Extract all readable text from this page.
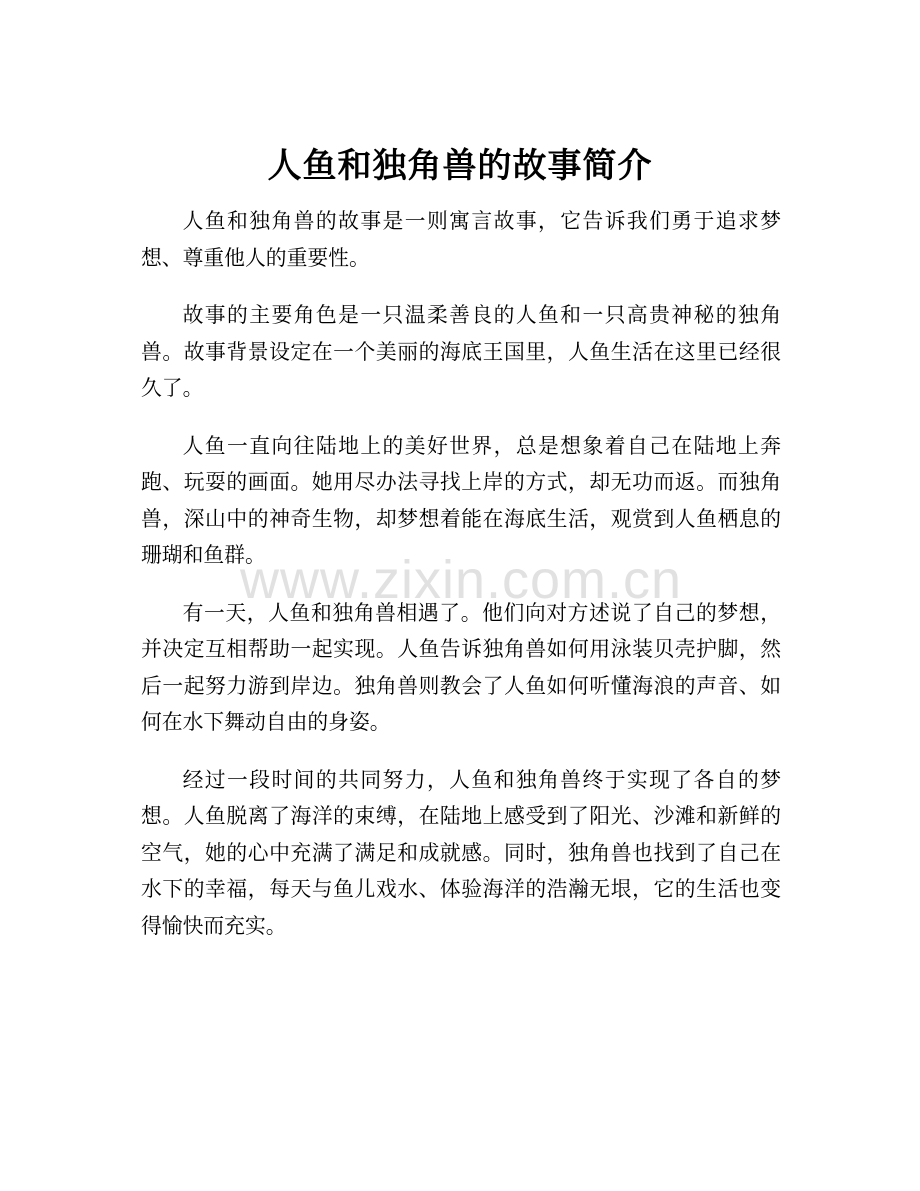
人鱼和独角兽的故事简介

人鱼和独角兽的故事是一则寓言故事，它告诉我们勇于追求梦想、尊重他人的重要性。

故事的主要角色是一只温柔善良的人鱼和一只高贵神秘的独角兽。故事背景设定在一个美丽的海底王国里，人鱼生活在这里已经很久了。

人鱼一直向往陆地上的美好世界，总是想象着自己在陆地上奔跑、玩耍的画面。她用尽办法寻找上岸的方式，却无功而返。而独角兽，深山中的神奇生物，却梦想着能在海底生活，观赏到人鱼栖息的珊瑚和鱼群。

有一天，人鱼和独角兽相遇了。他们向对方述说了自己的梦想，并决定互相帮助一起实现。人鱼告诉独角兽如何用泳装贝壳护脚，然后一起努力游到岸边。独角兽则教会了人鱼如何听懂海浪的声音、如何在水下舞动自由的身姿。

经过一段时间的共同努力，人鱼和独角兽终于实现了各自的梦想。人鱼脱离了海洋的束缚，在陆地上感受到了阳光、沙滩和新鲜的空气，她的心中充满了满足和成就感。同时，独角兽也找到了自己在水下的幸福，每天与鱼儿戏水、体验海洋的浩瀚无垠，它的生活也变得愉快而充实。

www.zixin.com.cn
